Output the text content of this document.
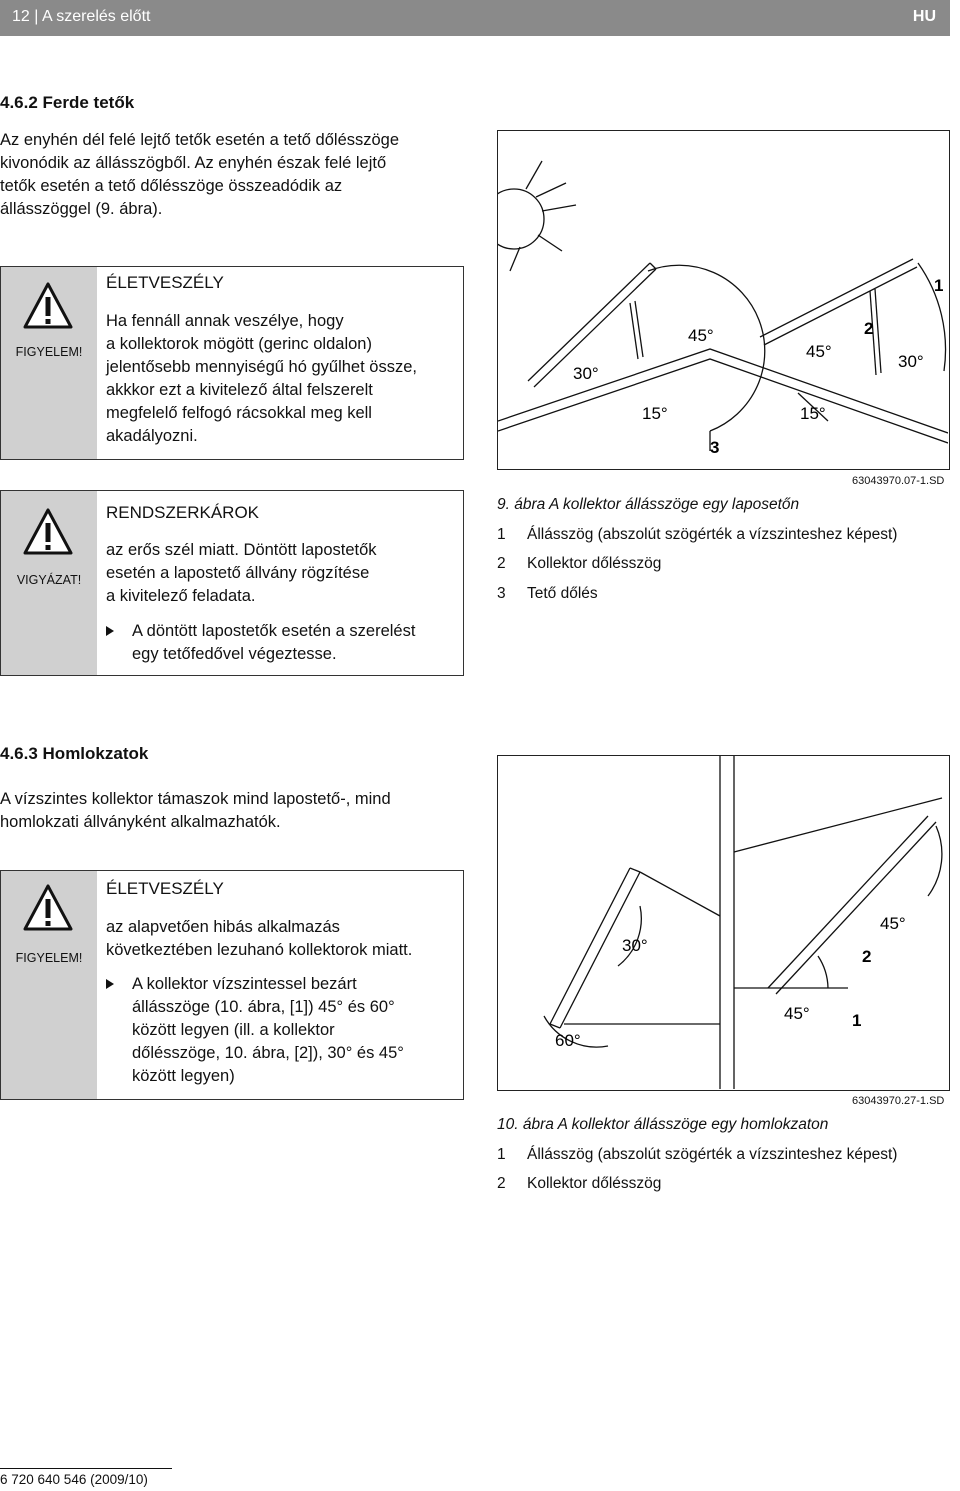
12 | A szerelés előtt	HU
4.6.2 Ferde tetők
Az enyhén dél felé lejtő tetők esetén a tető dőlésszöge
kivonódik az állásszögből. Az enyhén észak felé lejtő
tetők esetén a tető dőlésszöge összeadódik az
állásszöggel (9. ábra).
FIGYELEM!
ÉLETVESZÉLY
Ha fennáll annak veszélye, hogy
a kollektorok mögött (gerinc oldalon)
jelentősebb mennyiségű hó gyűlhet össze,
akkkor ezt a kivitelező által felszerelt
megfelelő felfogó rácsokkal meg kell
akadályozni.
VIGYÁZAT!
RENDSZERKÁROK
az erős szél miatt. Döntött lapostetők
esetén a lapostető állvány rögzítése
a kivitelező feladata.
A döntött lapostetők esetén a szerelést
egy tetőfedővel végeztesse.
30°
45°
15°
45°
30°
15°
1
2
3
63043970.07-1.SD
9. ábra A kollektor állásszöge egy laposetőn
1 Állásszög (abszolút szögérték a vízszinteshez képest)
2 Kollektor dőlésszög
3 Tető dőlés
4.6.3 Homlokzatok
A vízszintes kollektor támaszok mind lapostető-, mind
homlokzati állványként alkalmazhatók.
FIGYELEM!
ÉLETVESZÉLY
az alapvetően hibás alkalmazás
következtében lezuhanó kollektorok miatt.
A kollektor vízszintessel bezárt
állásszöge (10. ábra, [1]) 45° és 60°
között legyen (ill. a kollektor
dőlésszöge, 10. ábra, [2]), 30° és 45°
között legyen)
30°
60°
45°
45° 1
2
63043970.27-1.SD
10. ábra A kollektor állásszöge egy homlokzaton
1 Állásszög (abszolút szögérték a vízszinteshez képest)
2 Kollektor dőlésszög
6 720 640 546 (2009/10)
